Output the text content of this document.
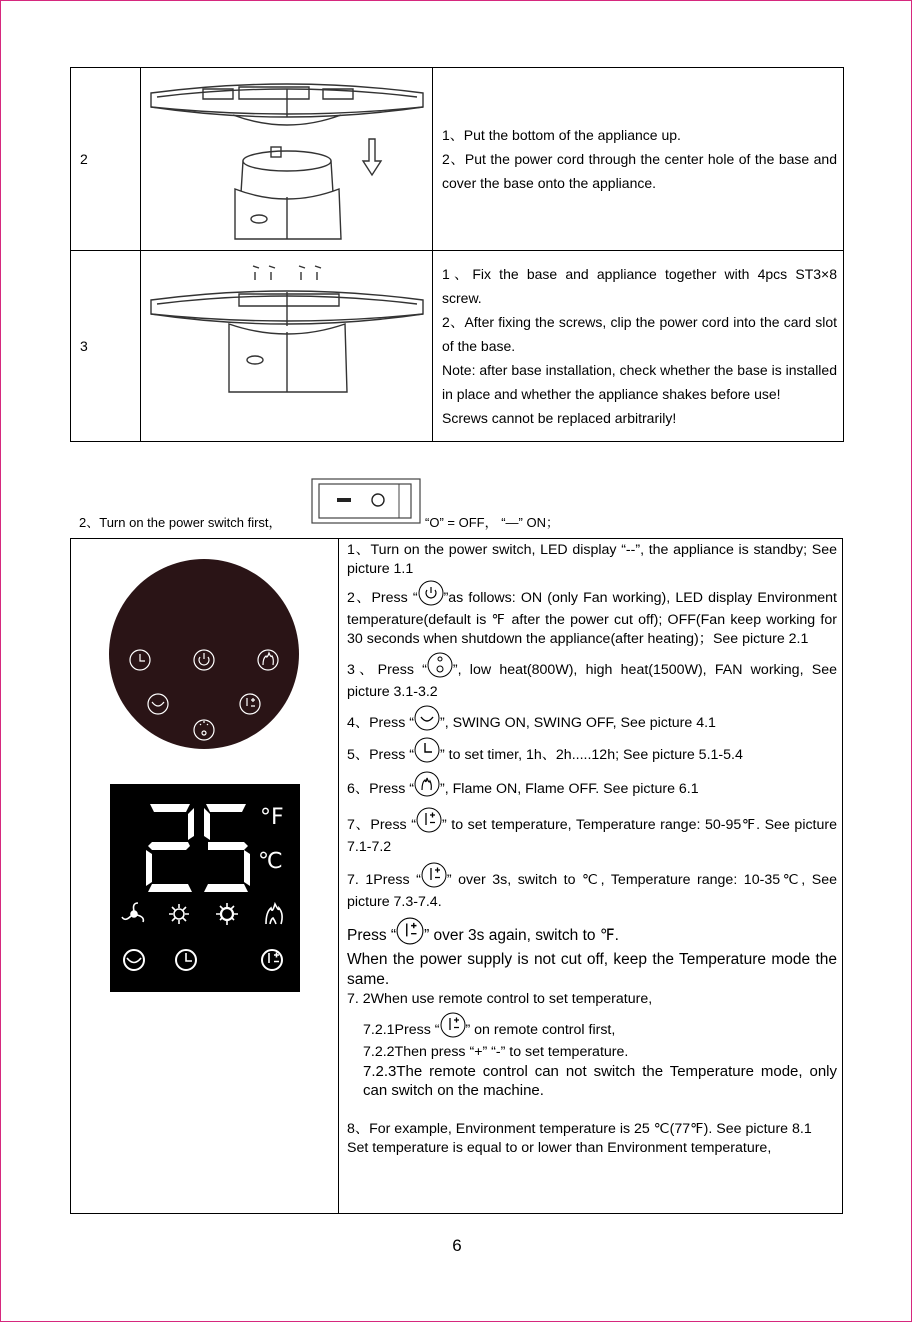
2		1、Put the bottom of the appliance up.

2、Put the power cord through the center hole of the base and cover the base onto the appliance.

3		1、Fix the base and appliance together with 4pcs ST3×8 screw.

2、After fixing the screws, clip the power cord into the card slot of the base.

Note: after base installation, check whether the base is installed in place and whether the appliance shakes before use!

Screws cannot be replaced arbitrarily!

2、Turn on the power switch first，	“O” = OFF， “—” ON；
°F
℃

1、Turn on the power switch, LED display “--”, the appliance is standby; See picture 1.1

2、Press “ ”as follows: ON (only Fan working), LED display Environment temperature(default is ℉ after the power cut off); OFF(Fan keep working for 30 seconds when shutdown the appliance(after heating)；See picture 2.1

3、Press “ ”, low heat(800W), high heat(1500W), FAN working, See picture 3.1-3.2

4、Press “ ”, SWING ON, SWING OFF, See picture 4.1

5、Press “ ” to set timer, 1h、2h.....12h; See picture 5.1-5.4

6、Press “ ”, Flame ON, Flame OFF. See picture 6.1

7、Press “ ” to set temperature, Temperature range: 50-95℉. See picture 7.1-7.2

7. 1Press “ ” over 3s, switch to ℃, Temperature range: 10-35℃, See picture 7.3-7.4.

Press “ ” over 3s again, switch to ℉.

When the power supply is not cut off, keep the Temperature mode the same.

7. 2When use remote control to set temperature,

7.2.1Press “ ” on remote control first,

7.2.2Then press “+” “-” to set temperature.

7.2.3The remote control can not switch the Temperature mode, only can switch on the machine.

8、For example, Environment temperature is 25 ℃(77℉). See picture 8.1

Set temperature is equal to or lower than Environment temperature,

6
